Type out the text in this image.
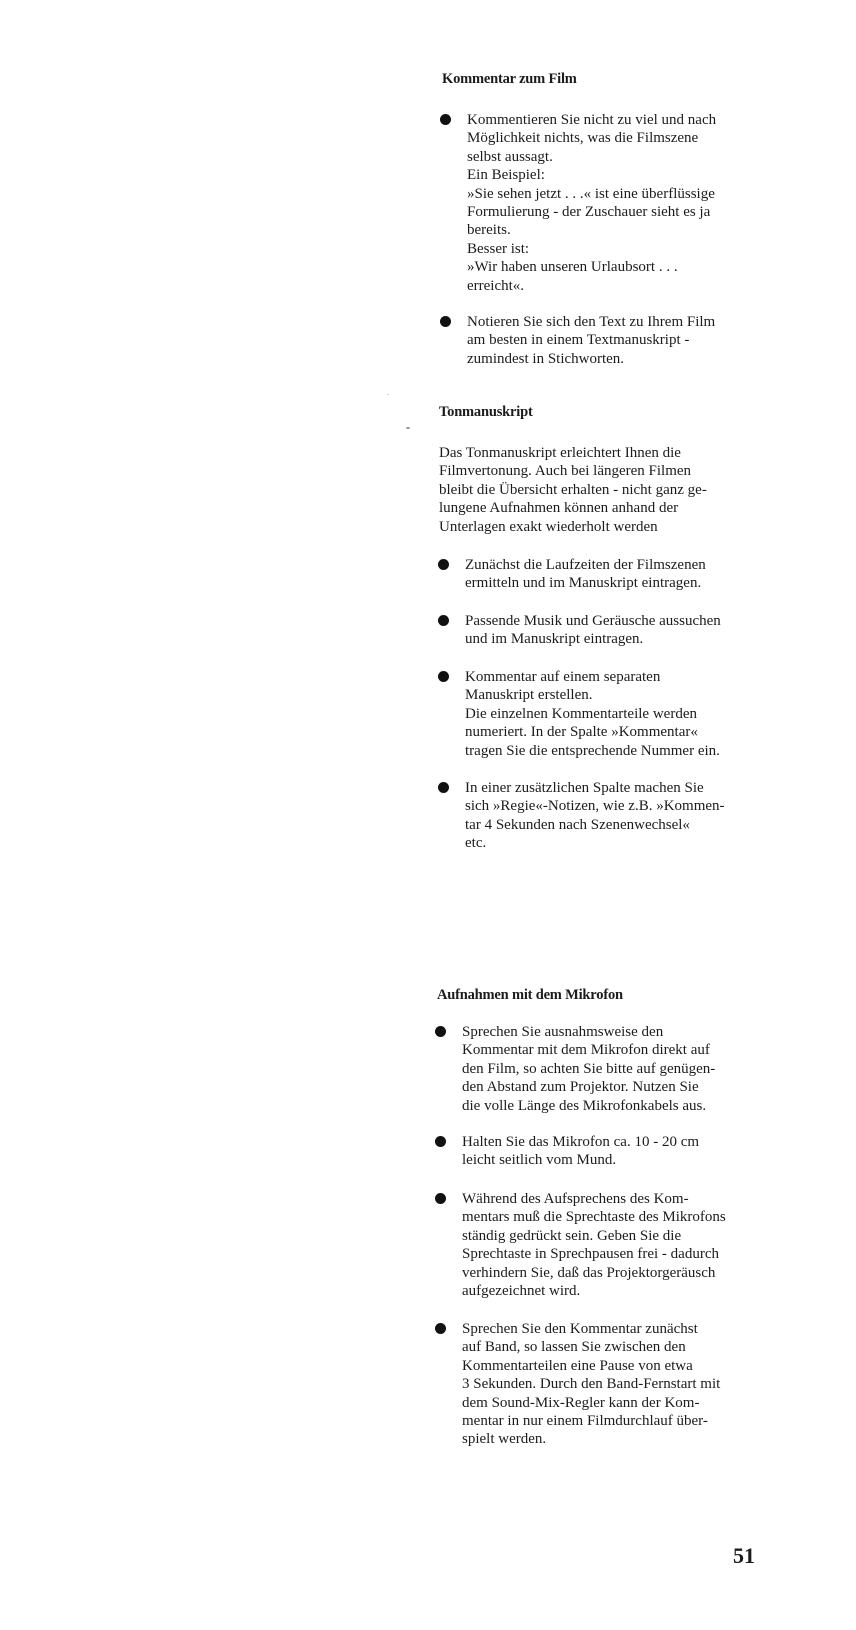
Kommentar zum Film
Kommentieren Sie nicht zu viel und nach
Möglichkeit nichts, was die Filmszene
selbst aussagt.
Ein Beispiel:
»Sie sehen jetzt . . .« ist eine überflüssige
Formulierung - der Zuschauer sieht es ja
bereits.
Besser ist:
»Wir haben unseren Urlaubsort . . .
erreicht«.
Notieren Sie sich den Text zu Ihrem Film
am besten in einem Textmanuskript -
zumindest in Stichworten.
Tonmanuskript
Das Tonmanuskript erleichtert Ihnen die
Filmvertonung. Auch bei längeren Filmen
bleibt die Übersicht erhalten - nicht ganz ge-
lungene Aufnahmen können anhand der
Unterlagen exakt wiederholt werden
Zunächst die Laufzeiten der Filmszenen
ermitteln und im Manuskript eintragen.
Passende Musik und Geräusche aussuchen
und im Manuskript eintragen.
Kommentar auf einem separaten
Manuskript erstellen.
Die einzelnen Kommentarteile werden
numeriert. In der Spalte »Kommentar«
tragen Sie die entsprechende Nummer ein.
In einer zusätzlichen Spalte machen Sie
sich »Regie«-Notizen, wie z.B. »Kommen-
tar 4 Sekunden nach Szenenwechsel«
etc.
Aufnahmen mit dem Mikrofon
Sprechen Sie ausnahmsweise den
Kommentar mit dem Mikrofon direkt auf
den Film, so achten Sie bitte auf genügen-
den Abstand zum Projektor. Nutzen Sie
die volle Länge des Mikrofonkabels aus.
Halten Sie das Mikrofon ca. 10 - 20 cm
leicht seitlich vom Mund.
Während des Aufsprechens des Kom-
mentars muß die Sprechtaste des Mikrofons
ständig gedrückt sein. Geben Sie die
Sprechtaste in Sprechpausen frei - dadurch
verhindern Sie, daß das Projektorgeräusch
aufgezeichnet wird.
Sprechen Sie den Kommentar zunächst
auf Band, so lassen Sie zwischen den
Kommentarteilen eine Pause von etwa
3 Sekunden. Durch den Band-Fernstart mit
dem Sound-Mix-Regler kann der Kom-
mentar in nur einem Filmdurchlauf über-
spielt werden.
51
